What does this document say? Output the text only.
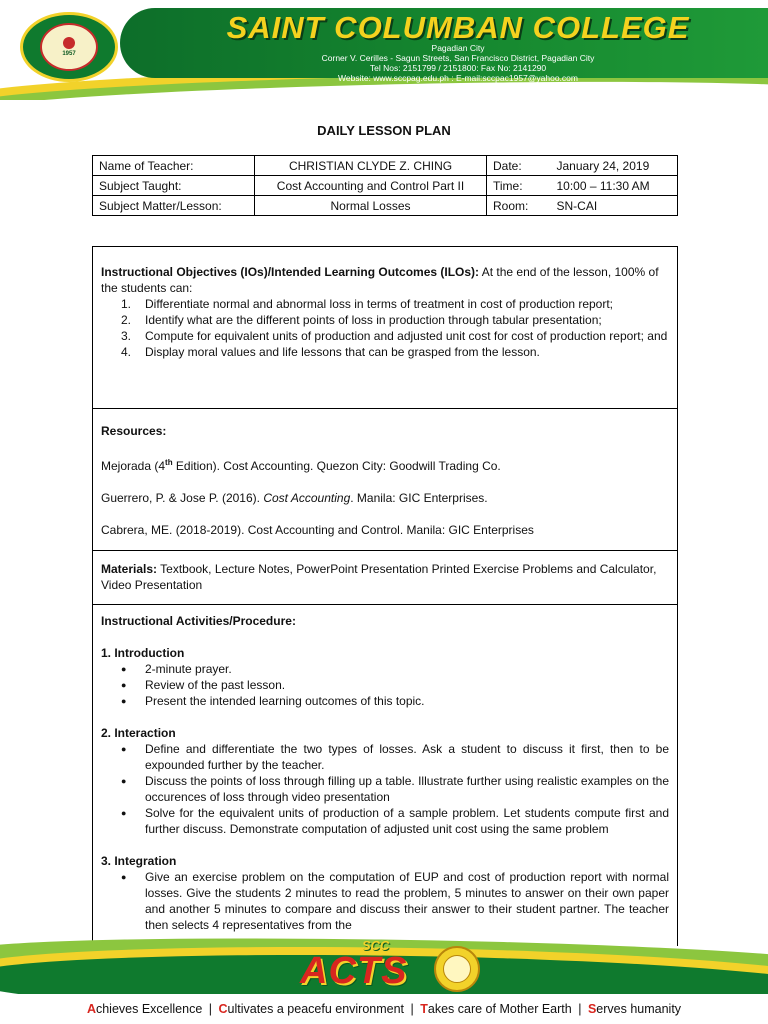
1957
SAINT COLUMBAN COLLEGE
Pagadian City
Corner V. Cerilles - Sagun Streets, San Francisco District, Pagadian City
Tel Nos: 2151799 / 2151800: Fax No: 2141290
Website: www.sccpag.edu.ph : E-mail:sccpac1957@yahoo.com
DAILY LESSON PLAN
Name of Teacher:	CHRISTIAN CLYDE Z. CHING	Date:	January 24, 2019
Subject Taught:	Cost Accounting and Control Part II	Time:	10:00 – 11:30 AM
Subject Matter/Lesson:	Normal Losses	Room:	SN-CAI
Instructional Objectives (IOs)/Intended Learning Outcomes (ILOs): At the end of the lesson, 100% of the students can:
1.	Differentiate normal and abnormal loss in terms of treatment in cost of production report;
2.	Identify what are the different points of loss in production through tabular presentation;
3.	Compute for equivalent units of production and adjusted unit cost for cost of production report; and
4.	Display moral values and life lessons that can be grasped from the lesson.
Resources:
Mejorada (4th Edition). Cost Accounting. Quezon City: Goodwill Trading Co.
Guerrero, P. & Jose P. (2016). Cost Accounting. Manila: GIC Enterprises.
Cabrera, ME. (2018-2019). Cost Accounting and Control. Manila: GIC Enterprises
Materials: Textbook, Lecture Notes, PowerPoint Presentation Printed Exercise Problems and Calculator, Video Presentation
Instructional Activities/Procedure:
1. Introduction
●	2-minute prayer.
●	Review of the past lesson.
●	Present the intended learning outcomes of this topic.
2. Interaction
●	Define and differentiate the two types of losses. Ask a student to discuss it first, then to be expounded further by the teacher.
●	Discuss the points of loss through filling up a table. Illustrate further using realistic examples on the occurences of loss through video presentation
●	Solve for the equivalent units of production of a sample problem. Let students compute first and further discuss. Demonstrate computation of adjusted unit cost using the same problem
3. Integration
●	Give an exercise problem on the computation of EUP and cost of production report with normal losses. Give the students 2 minutes to read the problem, 5 minutes to answer on their own paper and another 5 minutes to compare and discuss their answer to their student partner. The teacher then selects 4 representatives from the
SCC
ACTS
Achieves Excellence | Cultivates a peacefu environment | Takes care of Mother Earth | Serves humanity
